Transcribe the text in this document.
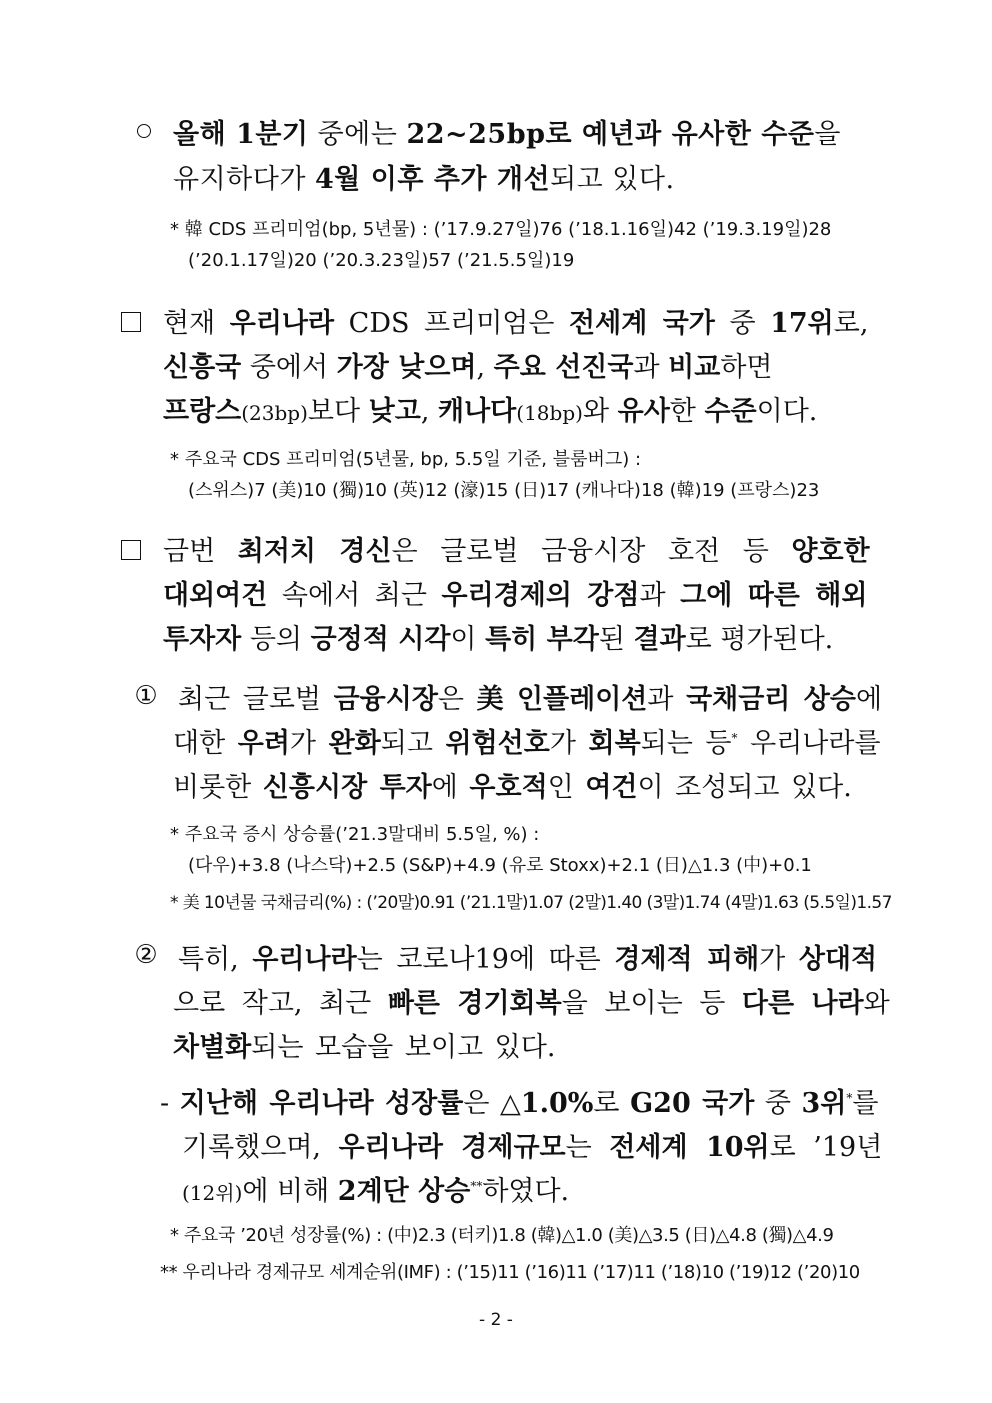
올해 1분기 중에는 22~25bp로 예년과 유사한 수준을
유지하다가 4월 이후 추가 개선되고 있다.
* 韓 CDS 프리미엄(bp, 5년물) : (’17.9.27일)76 (’18.1.16일)42 (’19.3.19일)28
(’20.1.17일)20 (’20.3.23일)57 (’21.5.5일)19
현재 우리나라 CDS 프리미엄은 전세계 국가 중 17위로,
신흥국 중에서 가장 낮으며, 주요 선진국과 비교하면
프랑스(23bp)보다 낮고, 캐나다(18bp)와 유사한 수준이다.
* 주요국 CDS 프리미엄(5년물, bp, 5.5일 기준, 블룸버그) :
(스위스)7 (美)10 (獨)10 (英)12 (濠)15 (日)17 (캐나다)18 (韓)19 (프랑스)23
금번 최저치 경신은 글로벌 금융시장 호전 등 양호한
대외여건 속에서 최근 우리경제의 강점과 그에 따른 해외
투자자 등의 긍정적 시각이 특히 부각된 결과로 평가된다.
① 최근 글로벌 금융시장은 美 인플레이션과 국채금리 상승에
대한 우려가 완화되고 위험선호가 회복되는 등* 우리나라를
비롯한 신흥시장 투자에 우호적인 여건이 조성되고 있다.
* 주요국 증시 상승률(’21.3말대비 5.5일, %) :
(다우)+3.8 (나스닥)+2.5 (S&P)+4.9 (유로 Stoxx)+2.1 (日)△1.3 (中)+0.1
* 美 10년물 국채금리(%) : (’20말)0.91 (’21.1말)1.07 (2말)1.40 (3말)1.74 (4말)1.63 (5.5일)1.57
② 특히, 우리나라는 코로나19에 따른 경제적 피해가 상대적
으로 작고, 최근 빠른 경기회복을 보이는 등 다른 나라와
차별화되는 모습을 보이고 있다.
- 지난해 우리나라 성장률은 △1.0%로 G20 국가 중 3위*를
기록했으며, 우리나라 경제규모는 전세계 10위로 ’19년
(12위)에 비해 2계단 상승**하였다.
* 주요국 ’20년 성장률(%) : (中)2.3 (터키)1.8 (韓)△1.0 (美)△3.5 (日)△4.8 (獨)△4.9
** 우리나라 경제규모 세계순위(IMF) : (’15)11 (’16)11 (’17)11 (’18)10 (’19)12 (’20)10
- 2 -
